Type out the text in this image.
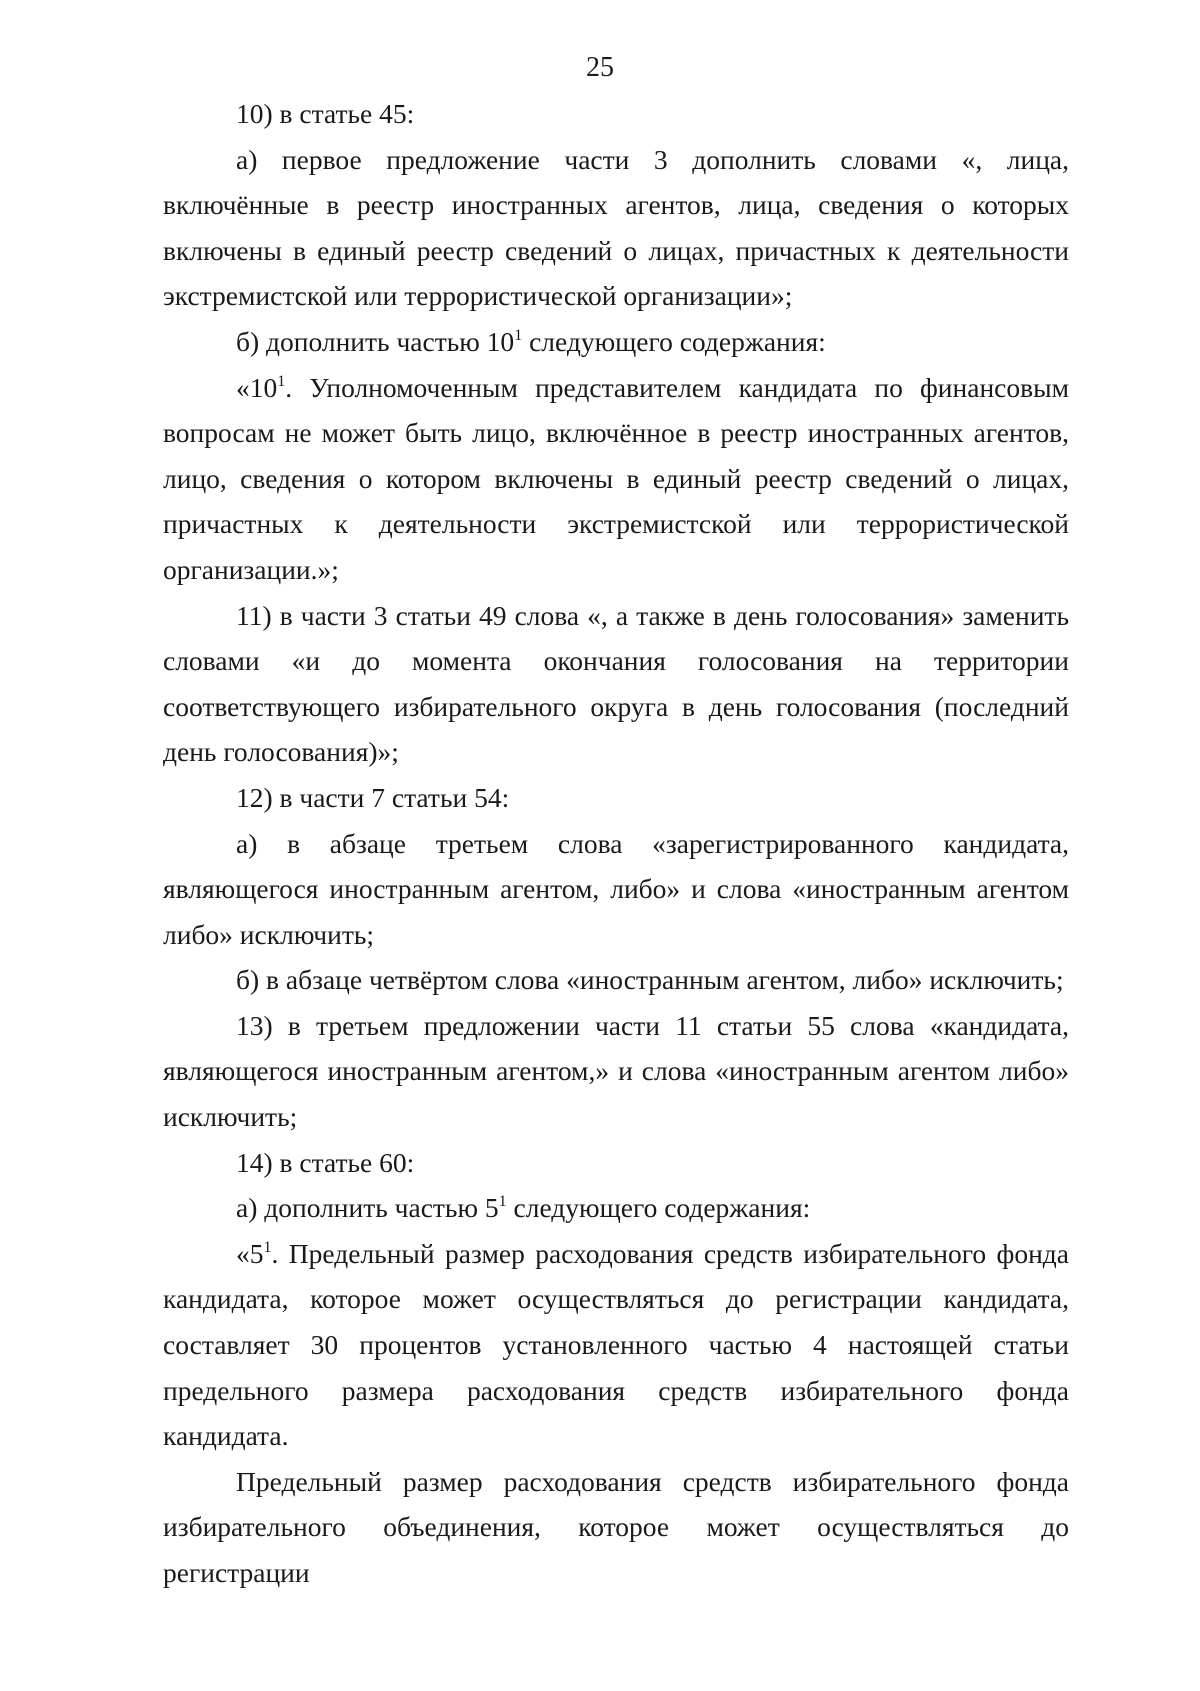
25

10) в статье 45:

а) первое предложение части 3 дополнить словами «, лица, включённые в реестр иностранных агентов, лица, сведения о которых включены в единый реестр сведений о лицах, причастных к деятельности экстремистской или террористической организации»;

б) дополнить частью $10^1$ следующего содержания:

«$10^1$. Уполномоченным представителем кандидата по финансовым вопросам не может быть лицо, включённое в реестр иностранных агентов, лицо, сведения о котором включены в единый реестр сведений о лицах, причастных к деятельности экстремистской или террористической организации.»;

11) в части 3 статьи 49 слова «, а также в день голосования» заменить словами «и до момента окончания голосования на территории соответствующего избирательного округа в день голосования (последний день голосования)»;

12) в части 7 статьи 54:

а) в абзаце третьем слова «зарегистрированного кандидата, являющегося иностранным агентом, либо» и слова «иностранным агентом либо» исключить;

б) в абзаце четвёртом слова «иностранным агентом, либо» исключить;

13) в третьем предложении части 11 статьи 55 слова «кандидата, являющегося иностранным агентом,» и слова «иностранным агентом либо» исключить;

14) в статье 60:

а) дополнить частью $5^1$ следующего содержания:

«$5^1$. Предельный размер расходования средств избирательного фонда кандидата, которое может осуществляться до регистрации кандидата, составляет 30 процентов установленного частью 4 настоящей статьи предельного размера расходования средств избирательного фонда кандидата.

Предельный размер расходования средств избирательного фонда избирательного объединения, которое может осуществляться до регистрации
